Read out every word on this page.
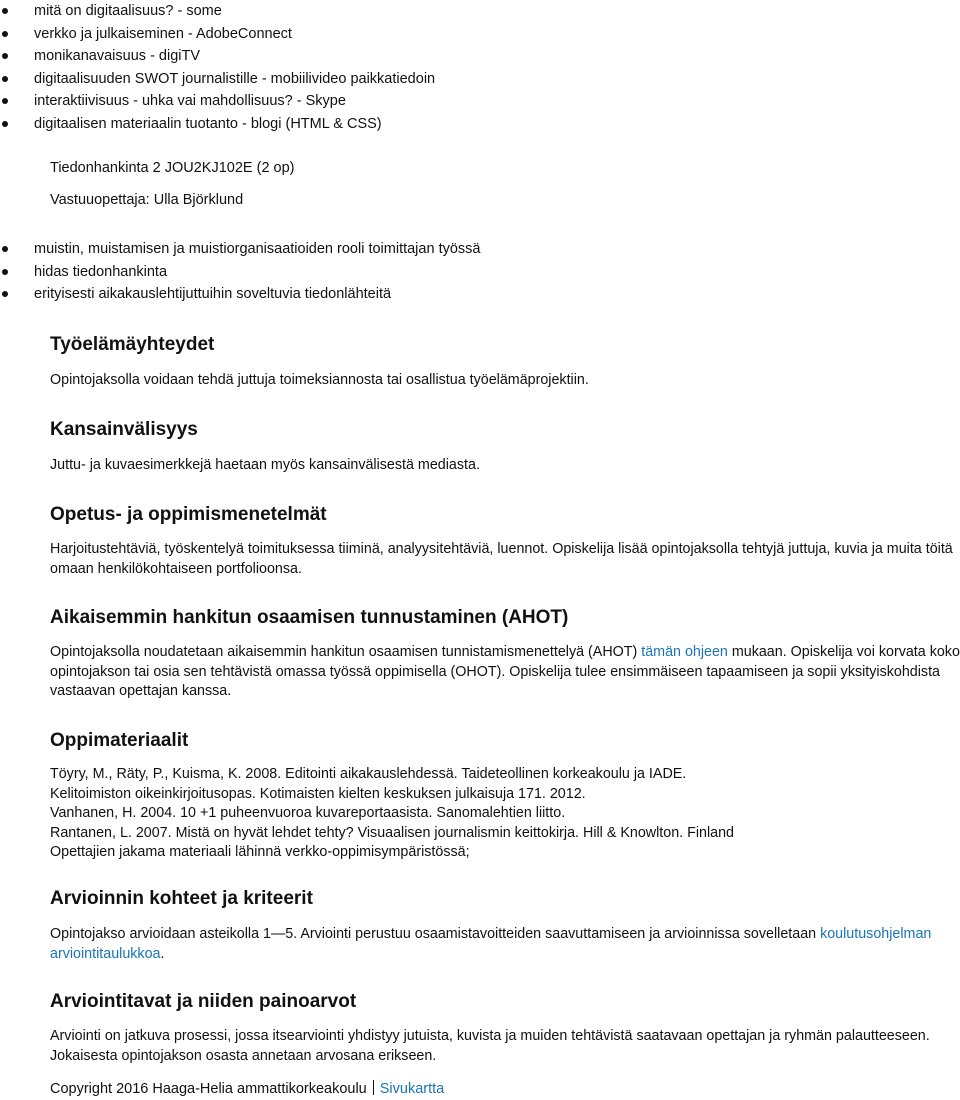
mitä on digitaalisuus? - some
verkko ja julkaiseminen - AdobeConnect
monikanavaisuus - digiTV
digitaalisuuden SWOT journalistille - mobiilivideo paikkatiedoin
interaktiivisuus - uhka vai mahdollisuus? - Skype
digitaalisen materiaalin tuotanto - blogi (HTML & CSS)
Tiedonhankinta 2 JOU2KJ102E (2 op)
Vastuuopettaja: Ulla Björklund
muistin, muistamisen ja muistiorganisaatioiden rooli toimittajan työssä
hidas tiedonhankinta
erityisesti aikakauslehtijuttuihin soveltuvia tiedonlähteitä
Työelämäyhteydet

Opintojaksolla voidaan tehdä juttuja toimeksiannosta tai osallistua työelämäprojektiin.

Kansainvälisyys

Juttu- ja kuvaesimerkkejä haetaan myös kansainvälisestä mediasta.

Opetus- ja oppimismenetelmät

Harjoitustehtäviä, työskentelyä toimituksessa tiiminä, analyysitehtäviä, luennot. Opiskelija lisää opintojaksolla tehtyjä juttuja, kuvia ja muita töitä omaan henkilökohtaiseen portfolioonsa.

Aikaisemmin hankitun osaamisen tunnustaminen (AHOT)

Opintojaksolla noudatetaan aikaisemmin hankitun osaamisen tunnistamismenettelyä (AHOT) tämän ohjeen mukaan. Opiskelija voi korvata koko opintojakson tai osia sen tehtävistä omassa työssä oppimisella (OHOT). Opiskelija tulee ensimmäiseen tapaamiseen ja sopii yksityiskohdista vastaavan opettajan kanssa.

Oppimateriaalit
Töyry, M., Räty, P., Kuisma, K. 2008. Editointi aikakauslehdessä. Taideteollinen korkeakoulu ja IADE.
Kelitoimiston oikeinkirjoitusopas. Kotimaisten kielten keskuksen julkaisuja 171. 2012.
Vanhanen, H. 2004. 10 +1 puheenvuoroa kuvareportaasista. Sanomalehtien liitto.
Rantanen, L. 2007. Mistä on hyvät lehdet tehty? Visuaalisen journalismin keittokirja. Hill & Knowlton. Finland
Opettajien jakama materiaali lähinnä verkko-oppimisympäristössä;
Arvioinnin kohteet ja kriteerit

Opintojakso arvioidaan asteikolla 1—5. Arviointi perustuu osaamistavoitteiden saavuttamiseen ja arvioinnissa sovelletaan koulutusohjelman arviointitaulukkoa.

Arviointitavat ja niiden painoarvot

Arviointi on jatkuva prosessi, jossa itsearviointi yhdistyy jutuista, kuvista ja muiden tehtävistä saatavaan opettajan ja ryhmän palautteeseen. Jokaisesta opintojakson osasta annetaan arvosana erikseen.

Copyright 2016 Haaga-Helia ammattikorkeakoulu Sivukartta
